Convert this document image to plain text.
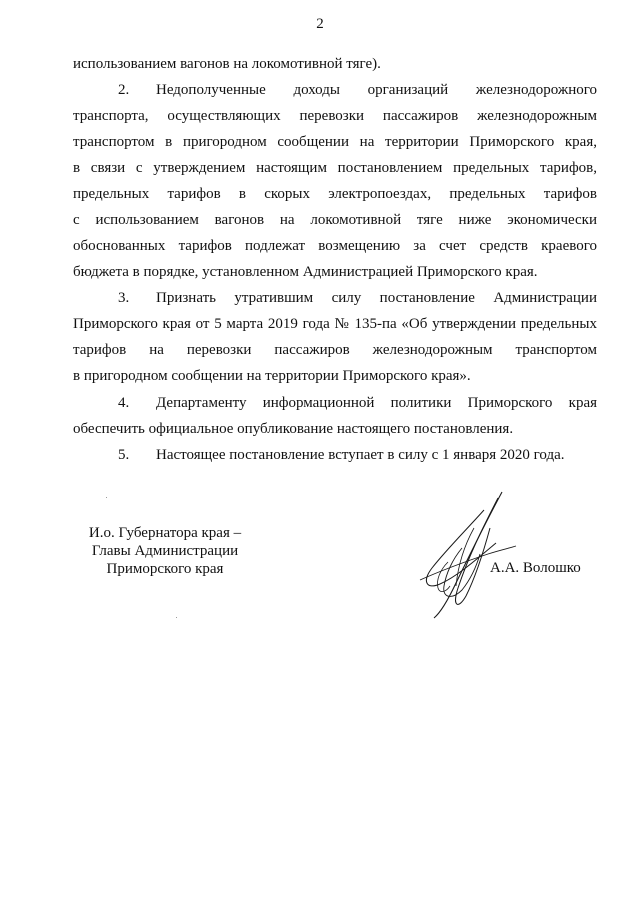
2
использованием вагонов на локомотивной тяге).
2. Недополученные доходы организаций железнодорожного
транспорта, осуществляющих перевозки пассажиров железнодорожным
транспортом в пригородном сообщении на территории Приморского края,
в связи с утверждением настоящим постановлением предельных тарифов,
предельных тарифов в скорых электропоездах, предельных тарифов
с использованием вагонов на локомотивной тяге ниже экономически
обоснованных тарифов подлежат возмещению за счет средств краевого
бюджета в порядке, установленном Администрацией Приморского края.
3. Признать утратившим силу постановление Администрации
Приморского края от 5 марта 2019 года № 135-па «Об утверждении предельных
тарифов на перевозки пассажиров железнодорожным транспортом
в пригородном сообщении на территории Приморского края».
4. Департаменту информационной политики Приморского края
обеспечить официальное опубликование настоящего постановления.
5. Настоящее постановление вступает в силу с 1 января 2020 года.
И.о. Губернатора края –
Главы Администрации
Приморского края	А.А. Волошко
